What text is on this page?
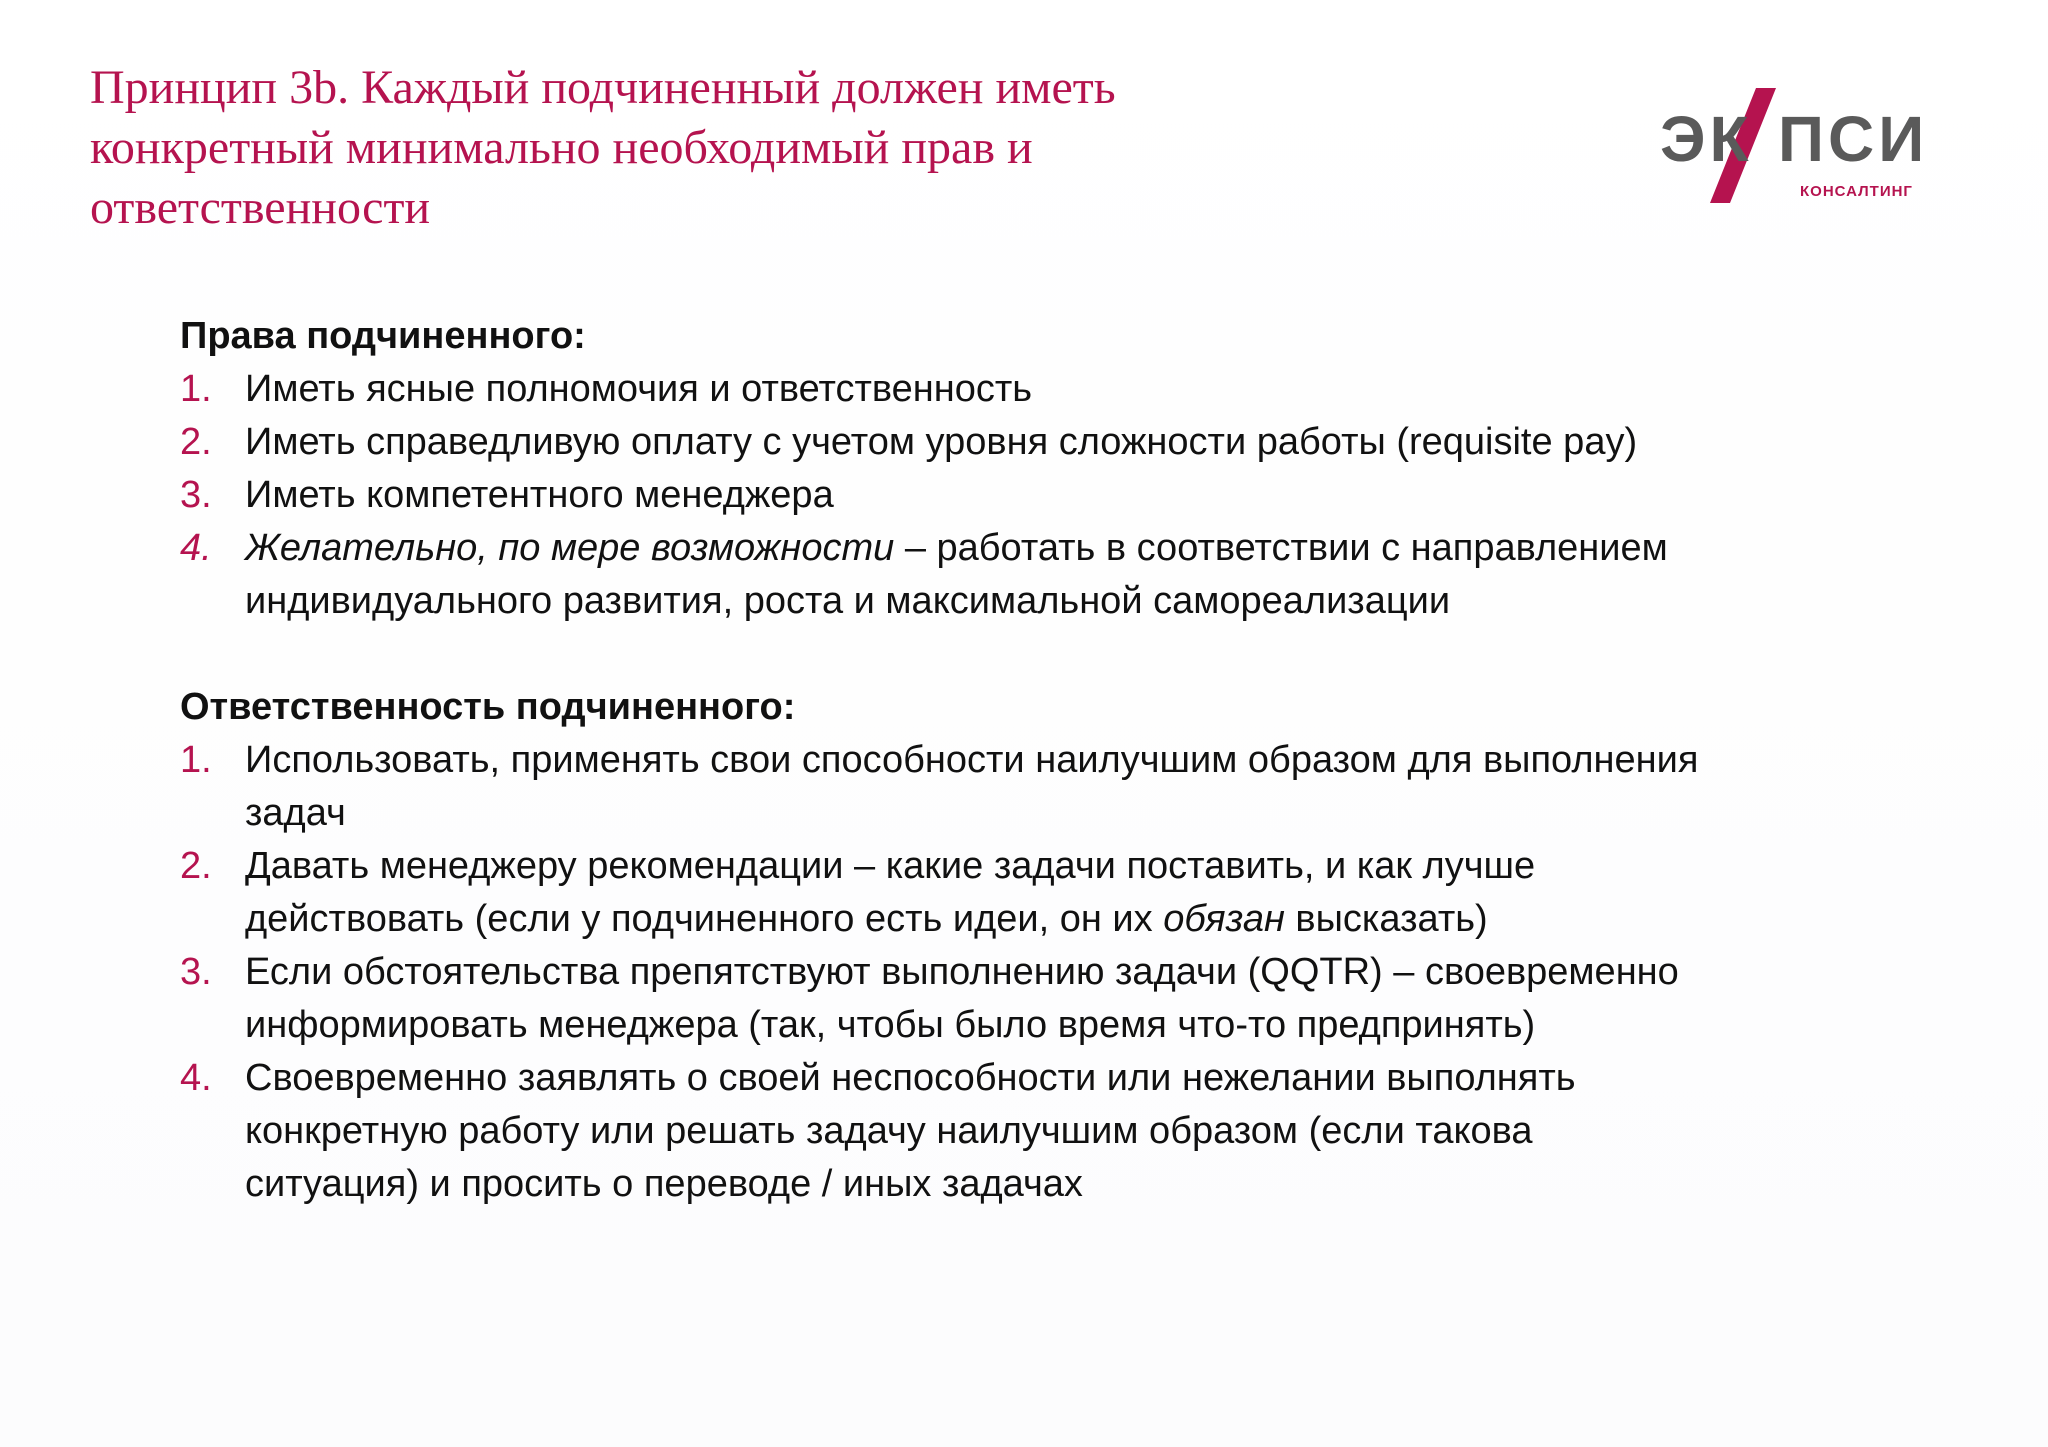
Принцип 3b. Каждый подчиненный должен иметь
конкретный минимально необходимый прав и
ответственности
ЭК ПСИ
КОНСАЛТИНГ

Права подчиненного:

1. Иметь ясные полномочия и ответственность
2. Иметь справедливую оплату с учетом уровня сложности работы (requisite pay)
3. Иметь компетентного менеджера
4. Желательно, по мере возможности – работать в соответствии с направлением
индивидуального развития, роста и максимальной самореализации

Ответственность подчиненного:

1. Использовать, применять свои способности наилучшим образом для выполнения
задач
2. Давать менеджеру рекомендации – какие задачи поставить, и как лучше
действовать (если у подчиненного есть идеи, он их обязан высказать)
3. Если обстоятельства препятствуют выполнению задачи (QQTR) – своевременно
информировать менеджера (так, чтобы было время что-то предпринять)
4. Своевременно заявлять о своей неспособности или нежелании выполнять
конкретную работу или решать задачу наилучшим образом (если такова
ситуация) и просить о переводе / иных задачах
